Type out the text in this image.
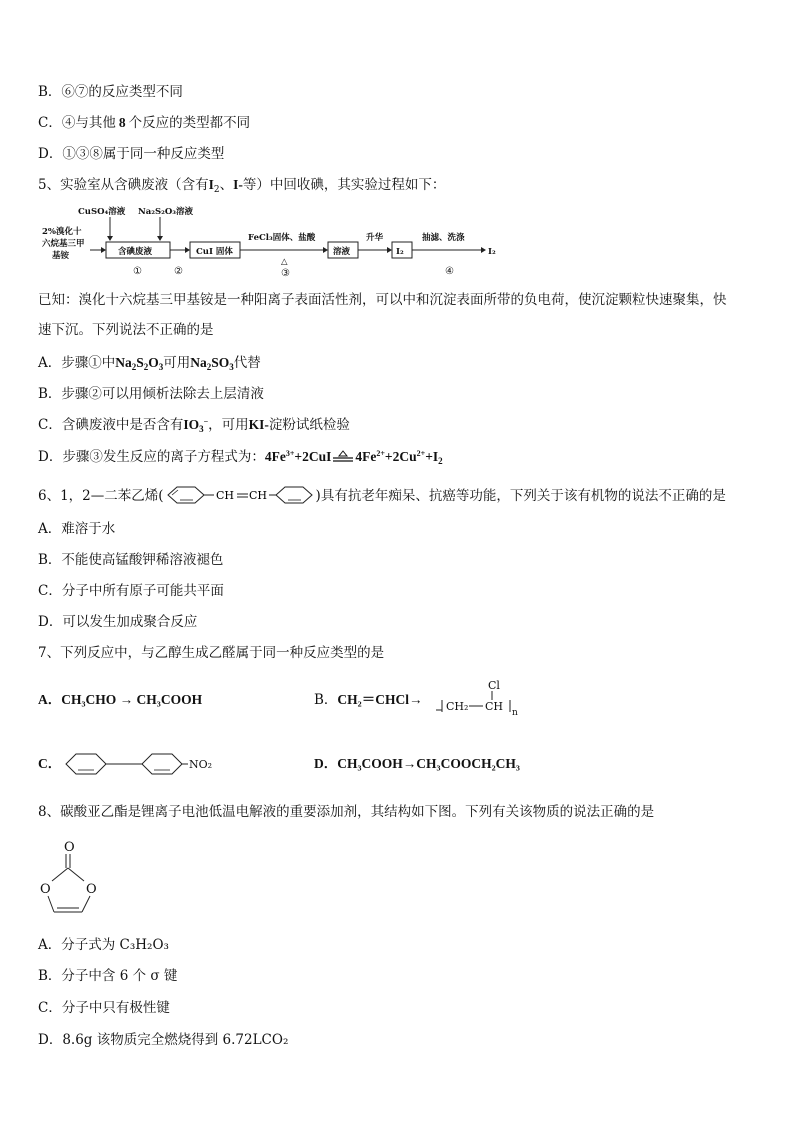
B．⑥⑦的反应类型不同
C．④与其他 8 个反应的类型都不同
D．①③⑧属于同一种反应类型
5、实验室从含碘废液（含有$I_2$、I-等）中回收碘，其实验过程如下：
CuSO₄溶液 Na₂S₂O₃溶液
2%溴化十
六烷基三甲
基铵	含碘废液	CuI 固体
FeCl₃固体、盐酸
△
溶液
升华
I₂
抽滤、洗涤
I₂
①	②	③	④
已知：溴化十六烷基三甲基铵是一种阳离子表面活性剂，可以中和沉淀表面所带的负电荷，使沉淀颗粒快速聚集，快
速下沉。下列说法不正确的是
A．步骤①中$Na_2S_2O_3$可用$Na_2SO_3$代替
B．步骤②可以用倾析法除去上层清液
C．含碘废液中是否含有$IO_3^-$，可用KI-淀粉试纸检验
D．步骤③发生反应的离子方程式为：$4Fe^{3+}+2CuI$ $4Fe^{2+}+2Cu^{2+}+I_2$
6、1，2—二苯乙烯(	CH CH	)具有抗老年痴呆、抗癌等功能，下列关于该有机物的说法不正确的是
A．难溶于水
B．不能使高锰酸钾稀溶液褪色
C．分子中所有原子可能共平面
D．可以发生加成聚合反应
7、下列反应中，与乙醇生成乙醛属于同一种反应类型的是
A．CH₃CHO → CH₃COOH	B．CH₂＝CHCl→
Cl
CH₂ CH n
C．	NO₂	D．CH₃COOH→CH₃COOCH₂CH₃
8、碳酸亚乙酯是锂离子电池低温电解液的重要添加剂，其结构如下图。下列有关该物质的说法正确的是
O
O	O
A．分子式为 C₃H₂O₃
B．分子中含 6 个 σ 键
C．分子中只有极性键
D．8.6g 该物质完全燃烧得到 6.72LCO₂
